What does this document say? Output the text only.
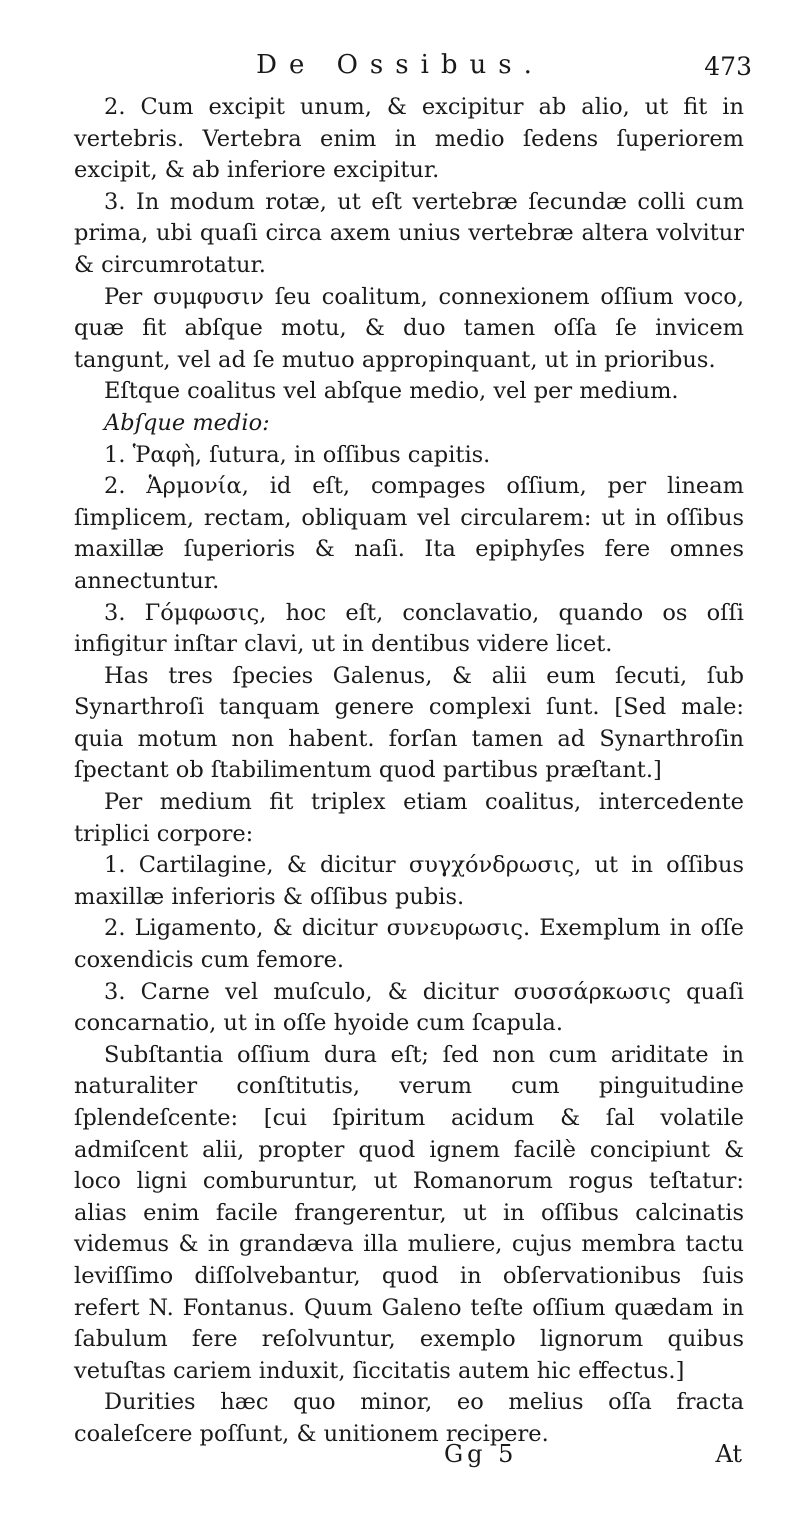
De Ossibus.	473

2. Cum excipit unum, & excipitur ab alio, ut fit in vertebris. Vertebra enim in medio ſedens ſuperiorem excipit, & ab inferiore excipitur.

3. In modum rotæ, ut eſt vertebræ ſecundæ colli cum prima, ubi quaſi circa axem unius vertebræ altera volvitur & circumrotatur.

Per συμφυσιν ſeu coalitum, connexionem oſſium voco, quæ fit abſque motu, & duo tamen oſſa ſe invicem tangunt, vel ad ſe mutuo appropinquant, ut in prioribus.

Eſtque coalitus vel abſque medio, vel per medium.

Abſque medio:

1. Ῥαφὴ, ſutura, in oſſibus capitis.

2. Ἁρμονία, id eſt, compages oſſium, per lineam ſimplicem, rectam, obliquam vel circularem: ut in oſſibus maxillæ ſuperioris & naſi. Ita epiphyſes fere omnes annectuntur.

3. Γόμφωσις, hoc eſt, conclavatio, quando os oſſi infigitur inſtar clavi, ut in dentibus videre licet.

Has tres ſpecies Galenus, & alii eum ſecuti, ſub Synarthroſi tanquam genere complexi ſunt. [Sed male: quia motum non habent. forſan tamen ad Synarthroſin ſpectant ob ſtabilimentum quod partibus præſtant.]

Per medium fit triplex etiam coalitus, intercedente triplici corpore:

1. Cartilagine, & dicitur συγχόνδρωσις, ut in oſſibus maxillæ inferioris & oſſibus pubis.

2. Ligamento, & dicitur συνευρωσις. Exemplum in oſſe coxendicis cum femore.

3. Carne vel muſculo, & dicitur συσσάρκωσις quaſi concarnatio, ut in oſſe hyoide cum ſcapula.

Subſtantia oſſium dura eſt; ſed non cum ariditate in naturaliter conſtitutis, verum cum pinguitudine ſplendeſcente: [cui ſpiritum acidum & ſal volatile admiſcent alii, propter quod ignem facilè concipiunt & loco ligni comburuntur, ut Romanorum rogus teſtatur: alias enim facile frangerentur, ut in oſſibus calcinatis videmus & in grandæva illa muliere, cujus membra tactu leviſſimo diſſolvebantur, quod in obſervationibus ſuis refert N. Fontanus. Quum Galeno teſte oſſium quædam in ſabulum fere reſolvuntur, exemplo lignorum quibus vetuſtas cariem induxit, ſiccitatis autem hic effectus.]

Durities hæc quo minor, eo melius oſſa fracta coaleſcere poſſunt, & unitionem recipere.

Gg 5	At
